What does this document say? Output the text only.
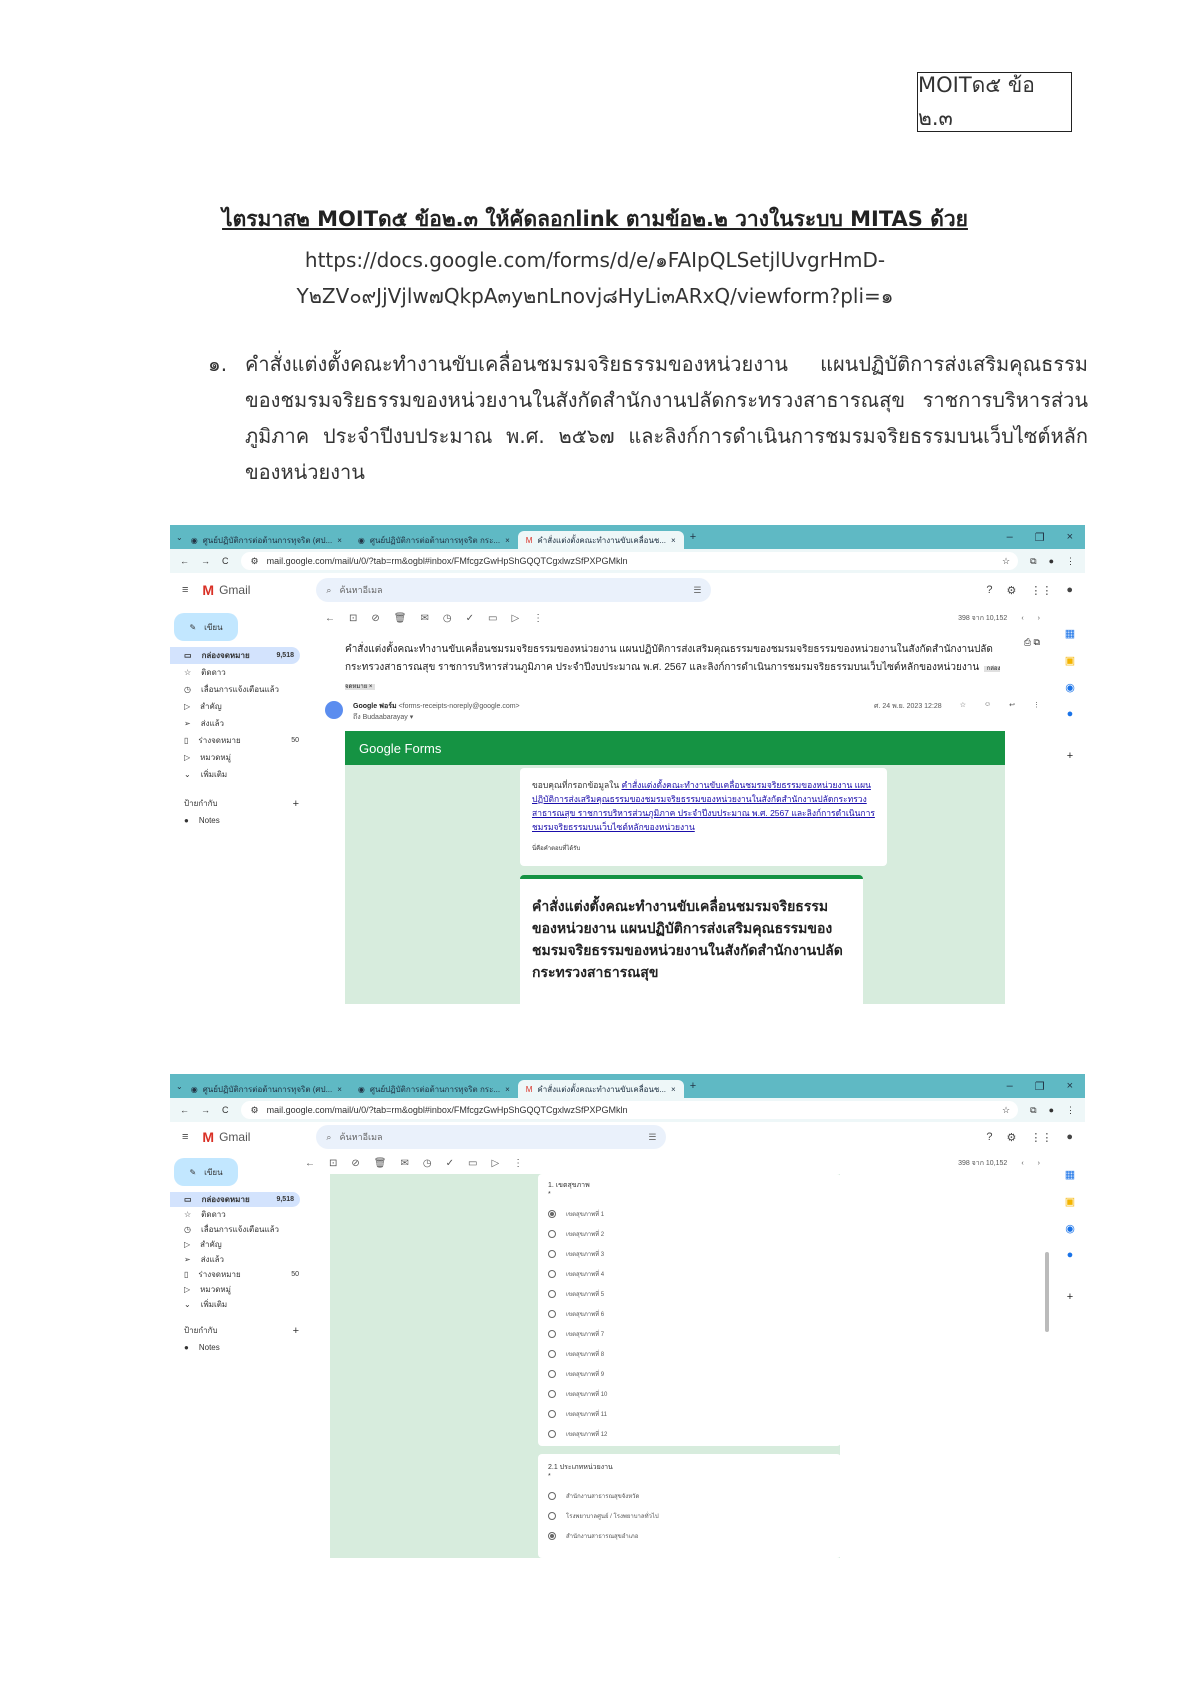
MOITด๕ ข้อ ๒.๓
ไตรมาส๒ MOITด๕ ข้อ๒.๓ ให้คัดลอกlink ตามข้อ๒.๒ วางในระบบ MITAS ด้วย
https://docs.google.com/forms/d/e/๑FAIpQLSetjlUvgrHmD-
Y๒ZV๐๙JjVjlw๗QkpA๓y๒nLnovj๘HyLi๓ARxQ/viewform?pli=๑
๑. คำสั่งแต่งตั้งคณะทำงานขับเคลื่อนชมรมจริยธรรมของหน่วยงาน แผนปฏิบัติการส่งเสริมคุณธรรมของชมรมจริยธรรมของหน่วยงานในสังกัดสำนักงานปลัดกระทรวงสาธารณสุข ราชการบริหารส่วนภูมิภาค ประจำปีงบประมาณ พ.ศ. ๒๕๖๗ และลิงก์การดำเนินการชมรมจริยธรรมบนเว็บไซต์หลักของหน่วยงาน
⌄ ◉ ศูนย์ปฏิบัติการต่อต้านการทุจริต (ศป... × ◉ ศูนย์ปฏิบัติการต่อต้านการทุจริต กระ... × M คำสั่งแต่งตั้งคณะทำงานขับเคลื่อนช... × +	– ❐ ×
← → C ⚙ mail.google.com/mail/u/0/?tab=rm&ogbl#inbox/FMfcgzGwHpShGQQTCgxlwzSfPXPGMkln	☆	⧉ ● ⋮
≡ M Gmail	⌕ ค้นหาอีเมล	☰	? ⚙ ⋮⋮ ●
✎ เขียน
▭ กล่องจดหมาย	9,518
☆ ติดดาว
◷ เลื่อนการแจ้งเตือนแล้ว
▷ สำคัญ
➢ ส่งแล้ว
▯ ร่างจดหมาย	50
▷ หมวดหมู่
⌄ เพิ่มเติม
ป้ายกำกับ	+
● Notes
← ⊡ ⊘ 🗑 ✉ ◷ ✓ ▭ ▷ ⋮	398 จาก 10,152 ‹ ›
คำสั่งแต่งตั้งคณะทำงานขับเคลื่อนชมรมจริยธรรมของหน่วยงาน แผนปฏิบัติการส่งเสริมคุณธรรมของชมรมจริยธรรมของหน่วยงานในสังกัดสำนักงานปลัดกระทรวงสาธารณสุข ราชการบริหารส่วนภูมิภาค ประจำปีงบประมาณ พ.ศ. 2567 และลิงก์การดำเนินการชมรมจริยธรรมบนเว็บไซต์หลักของหน่วยงาน กล่องจดหมาย ×
⎙ ⧉
Google ฟอร์ม <forms-receipts-noreply@google.com>
ถึง Budaabarayay ▾
ศ. 24 พ.ย. 2023 12:28	☆	☺	↩	⋮
Google Forms

ขอบคุณที่กรอกข้อมูลใน คำสั่งแต่งตั้งคณะทำงานขับเคลื่อนชมรมจริยธรรมของหน่วยงาน แผนปฏิบัติการส่งเสริมคุณธรรมของชมรมจริยธรรมของหน่วยงานในสังกัดสำนักงานปลัดกระทรวงสาธารณสุข ราชการบริหารส่วนภูมิภาค ประจำปีงบประมาณ พ.ศ. 2567 และลิงก์การดำเนินการชมรมจริยธรรมบนเว็บไซต์หลักของหน่วยงาน

นี่คือคำตอบที่ได้รับ

คำสั่งแต่งตั้งคณะทำงานขับเคลื่อนชมรมจริยธรรมของหน่วยงาน แผนปฏิบัติการส่งเสริมคุณธรรมของชมรมจริยธรรมของหน่วยงานในสังกัดสำนักงานปลัดกระทรวงสาธารณสุข
▦
▣
◉
●
+
⌄ ◉ ศูนย์ปฏิบัติการต่อต้านการทุจริต (ศป... × ◉ ศูนย์ปฏิบัติการต่อต้านการทุจริต กระ... × M คำสั่งแต่งตั้งคณะทำงานขับเคลื่อนช... × +	– ❐ ×
← → C ⚙ mail.google.com/mail/u/0/?tab=rm&ogbl#inbox/FMfcgzGwHpShGQQTCgxlwzSfPXPGMkln	☆	⧉ ● ⋮
≡ M Gmail	⌕ ค้นหาอีเมล	☰	? ⚙ ⋮⋮ ●
✎ เขียน
▭ กล่องจดหมาย	9,518
☆ ติดดาว
◷ เลื่อนการแจ้งเตือนแล้ว
▷ สำคัญ
➢ ส่งแล้ว
▯ ร่างจดหมาย	50
▷ หมวดหมู่
⌄ เพิ่มเติม
ป้ายกำกับ	+
● Notes
← ⊡ ⊘ 🗑 ✉ ◷ ✓ ▭ ▷ ⋮	398 จาก 10,152 ‹ ›
1. เขตสุขภาพ
*
เขตสุขภาพที่ 1
เขตสุขภาพที่ 2
เขตสุขภาพที่ 3
เขตสุขภาพที่ 4
เขตสุขภาพที่ 5
เขตสุขภาพที่ 6
เขตสุขภาพที่ 7
เขตสุขภาพที่ 8
เขตสุขภาพที่ 9
เขตสุขภาพที่ 10
เขตสุขภาพที่ 11
เขตสุขภาพที่ 12
2.1 ประเภทหน่วยงาน
*
สำนักงานสาธารณสุขจังหวัด
โรงพยาบาลศูนย์ / โรงพยาบาลทั่วไป
สำนักงานสาธารณสุขอำเภอ
▦
▣
◉
●
+
